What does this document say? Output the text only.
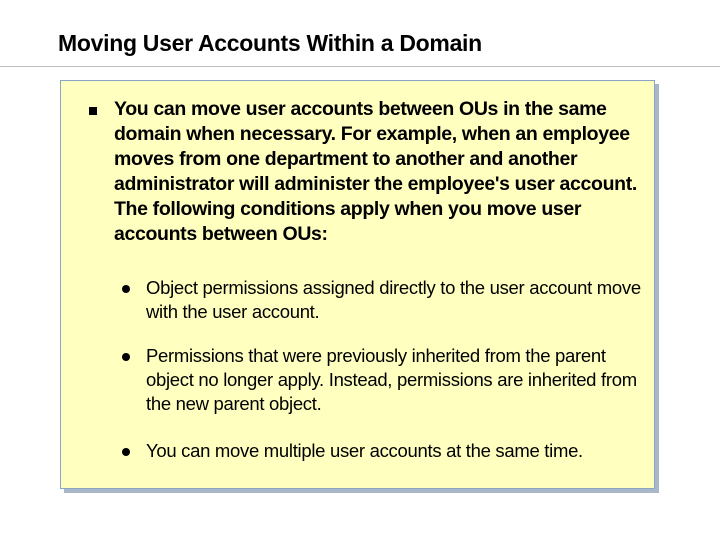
Moving User Accounts Within a Domain
You can move user accounts between OUs in the same domain when necessary. For example, when an employee moves from one department to another and another administrator will administer the employee's user account. The following conditions apply when you move user accounts between OUs:
Object permissions assigned directly to the user account move with the user account.
Permissions that were previously inherited from the parent object no longer apply. Instead, permissions are inherited from the new parent object.
You can move multiple user accounts at the same time.
